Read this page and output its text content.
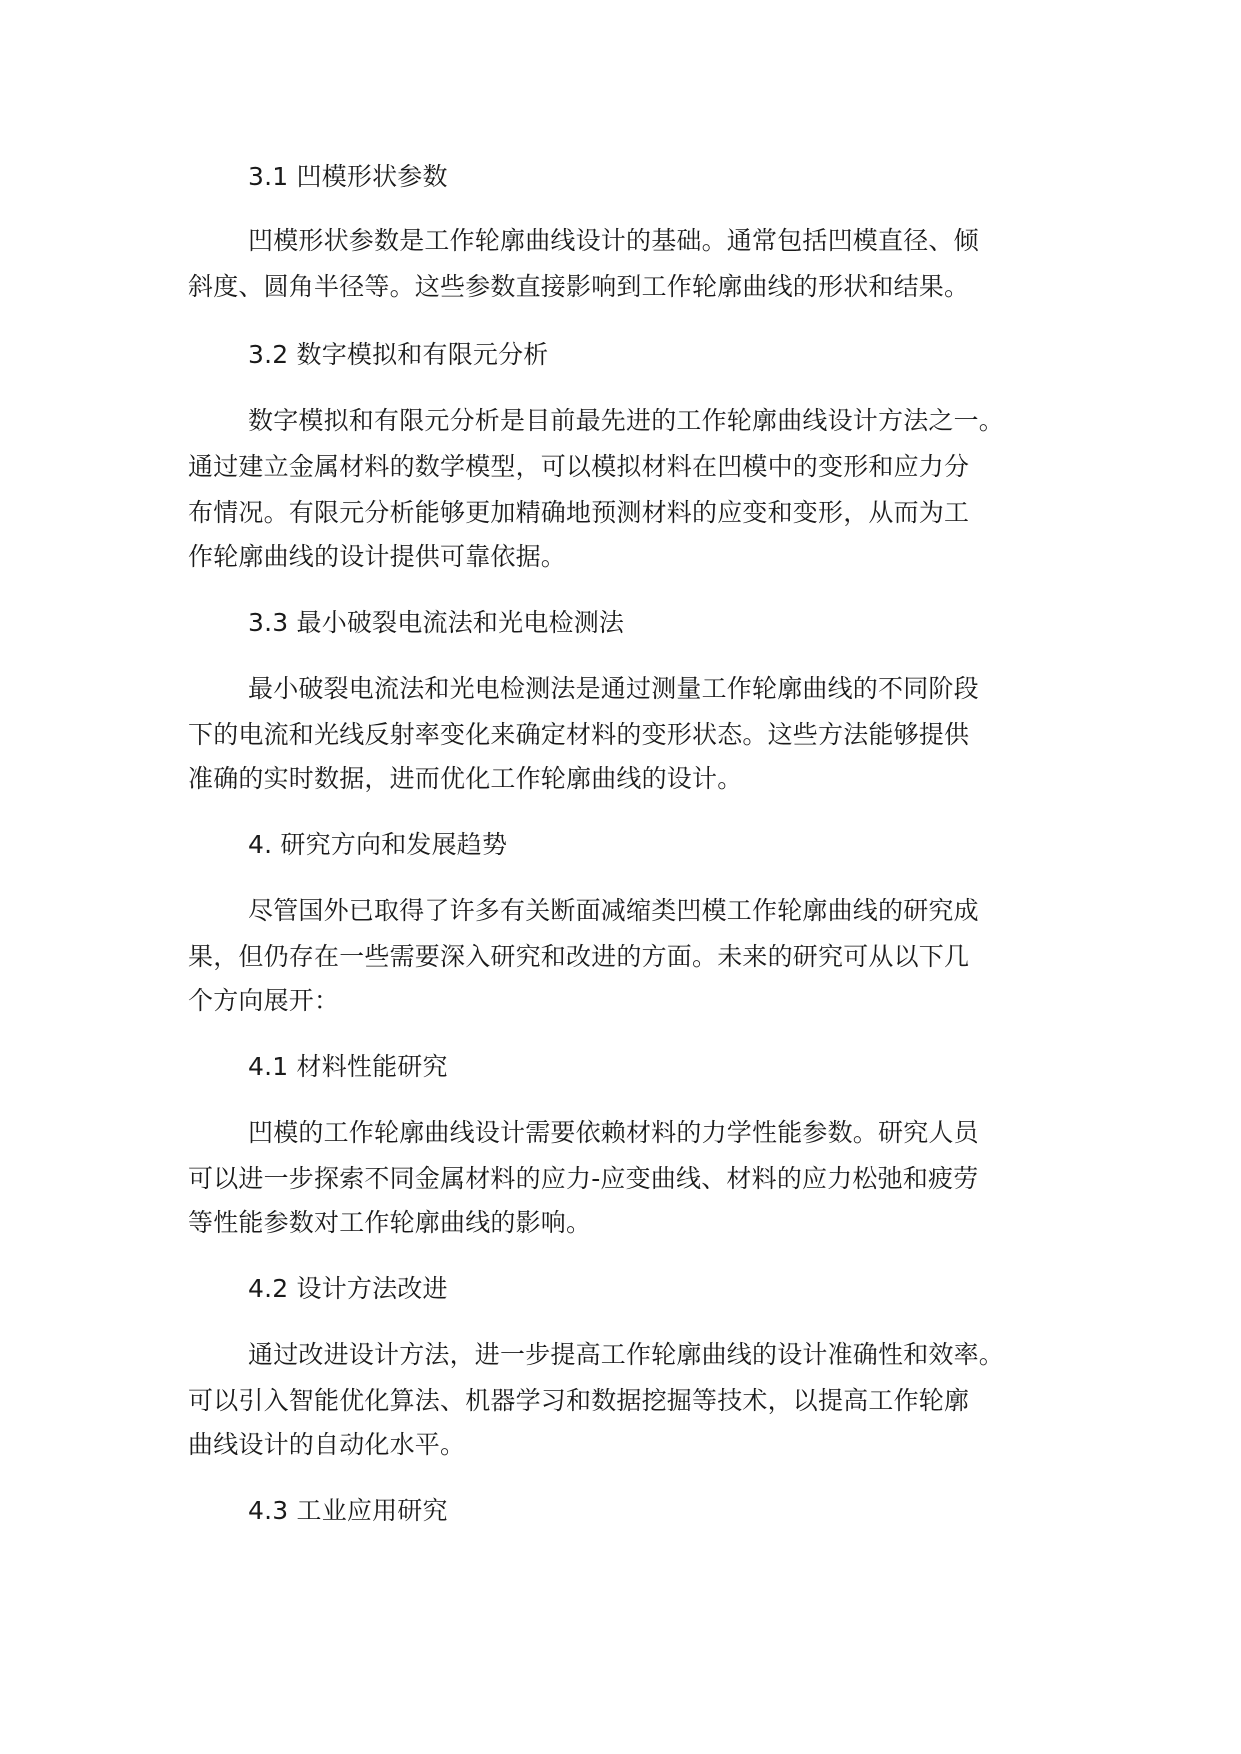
3.1 凹模形状参数
凹模形状参数是工作轮廓曲线设计的基础。通常包括凹模直径、倾
斜度、圆角半径等。这些参数直接影响到工作轮廓曲线的形状和结果。
3.2 数字模拟和有限元分析
数字模拟和有限元分析是目前最先进的工作轮廓曲线设计方法之一。
通过建立金属材料的数学模型，可以模拟材料在凹模中的变形和应力分
布情况。有限元分析能够更加精确地预测材料的应变和变形，从而为工
作轮廓曲线的设计提供可靠依据。
3.3 最小破裂电流法和光电检测法
最小破裂电流法和光电检测法是通过测量工作轮廓曲线的不同阶段
下的电流和光线反射率变化来确定材料的变形状态。这些方法能够提供
准确的实时数据，进而优化工作轮廓曲线的设计。
4. 研究方向和发展趋势
尽管国外已取得了许多有关断面减缩类凹模工作轮廓曲线的研究成
果，但仍存在一些需要深入研究和改进的方面。未来的研究可从以下几
个方向展开：
4.1 材料性能研究
凹模的工作轮廓曲线设计需要依赖材料的力学性能参数。研究人员
可以进一步探索不同金属材料的应力-应变曲线、材料的应力松弛和疲劳
等性能参数对工作轮廓曲线的影响。
4.2 设计方法改进
通过改进设计方法，进一步提高工作轮廓曲线的设计准确性和效率。
可以引入智能优化算法、机器学习和数据挖掘等技术，以提高工作轮廓
曲线设计的自动化水平。
4.3 工业应用研究
